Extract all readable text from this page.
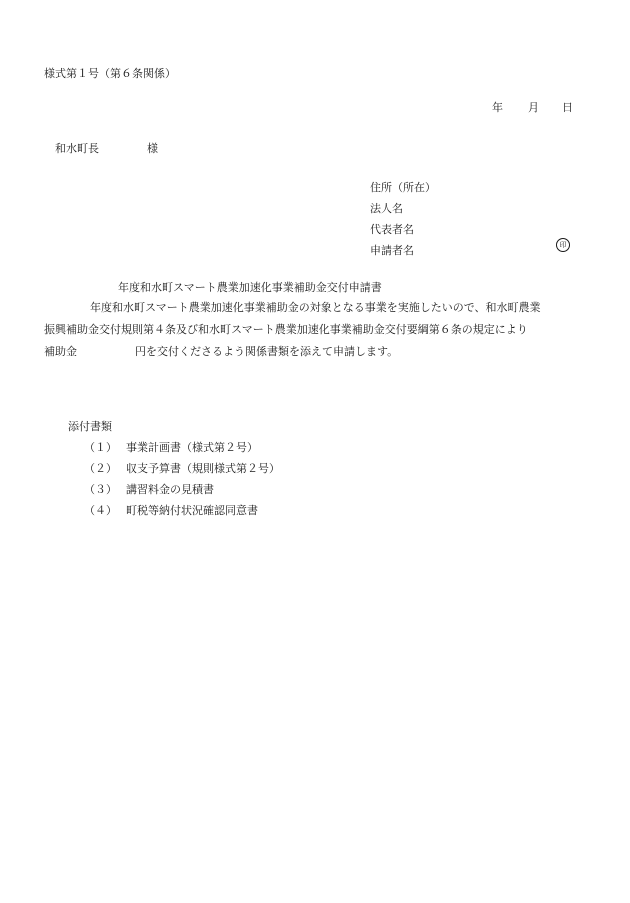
様式第１号（第６条関係）
年 月 日
和水町長	様
住所（所在）
法人名
代表者名
申請者名	印
年度和水町スマート農業加速化事業補助金交付申請書
年度和水町スマート農業加速化事業補助金の対象となる事業を実施したいので、和水町農業
振興補助金交付規則第４条及び和水町スマート農業加速化事業補助金交付要綱第６条の規定により
補助金	円を交付くださるよう関係書類を添えて申請します。
添付書類
（１） 事業計画書（様式第２号）
（２） 収支予算書（規則様式第２号）
（３） 講習料金の見積書
（４） 町税等納付状況確認同意書
